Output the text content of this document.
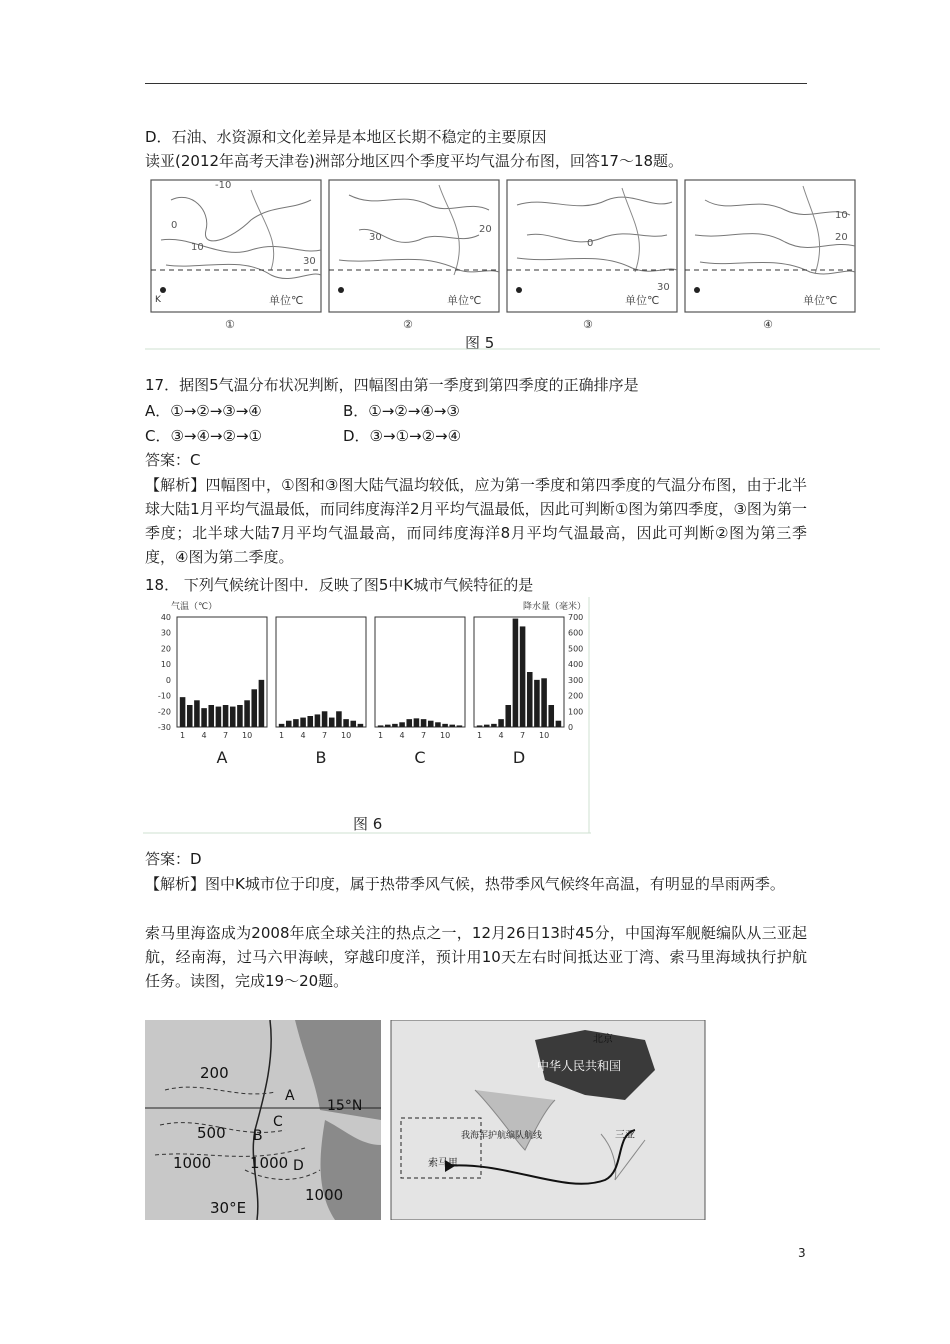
D．石油、水资源和文化差异是本地区长期不稳定的主要原因
读亚(2012年高考天津卷)洲部分地区四个季度平均气温分布图，回答17～18题。
-10
0
10
30
K	单位℃
30
20
单位℃
0
30
单位℃
10
20
单位℃
①	②	③	④
图 5
17．据图5气温分布状况判断，四幅图由第一季度到第四季度的正确排序是
A．①→②→③→④	B．①→②→④→③
C．③→④→②→①	D．③→①→②→④
答案：C
【解析】四幅图中，①图和③图大陆气温均较低，应为第一季度和第四季度的气温分布图，由于北半球大陆1月平均气温最低，而同纬度海洋2月平均气温最低，因此可判断①图为第四季度，③图为第一季度；北半球大陆7月平均气温最高，而同纬度海洋8月平均气温最高，因此可判断②图为第三季度，④图为第二季度。
18． 下列气候统计图中．反映了图5中K城市气候特征的是
气温（℃）	降水量（毫米）
40
30
20
10
0
-10
-20
-30
700
600
500
400
300
200
100
0
1 4 7 10
A
1 4 7 10
B
1 4 7 10
C
1 4 7 10
D
图 6
答案：D
【解析】图中K城市位于印度，属于热带季风气候，热带季风气候终年高温，有明显的旱雨两季。
索马里海盗成为2008年底全球关注的热点之一，12月26日13时45分，中国海军舰艇编队从三亚起航，经南海，过马六甲海峡，穿越印度洋，预计用10天左右时间抵达亚丁湾、索马里海域执行护航任务。读图，完成19～20题。
200
500
1000	1000
1000
A
B
C
D
15°N
30°E
北京
中华人民共和国
三亚
我海军护航编队航线
索马里
3
